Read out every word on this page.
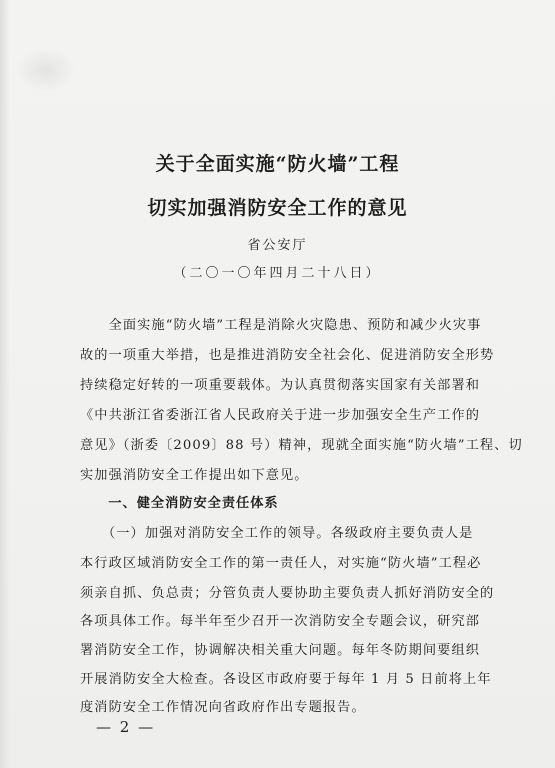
关于全面实施“防火墙”工程
切实加强消防安全工作的意见
省公安厅
（二〇一〇年四月二十八日）
　　全面实施“防火墙”工程是消除火灾隐患、预防和减少火灾事
故的一项重大举措，也是推进消防安全社会化、促进消防安全形势
持续稳定好转的一项重要载体。为认真贯彻落实国家有关部署和
《中共浙江省委浙江省人民政府关于进一步加强安全生产工作的
意见》（浙委〔2009〕88 号）精神，现就全面实施“防火墙”工程、切
实加强消防安全工作提出如下意见。
　　一、健全消防安全责任体系
　　（一）加强对消防安全工作的领导。各级政府主要负责人是
本行政区域消防安全工作的第一责任人，对实施“防火墙”工程必
须亲自抓、负总责；分管负责人要协助主要负责人抓好消防安全的
各项具体工作。每半年至少召开一次消防安全专题会议，研究部
署消防安全工作，协调解决相关重大问题。每年冬防期间要组织
开展消防安全大检查。各设区市政府要于每年 1 月 5 日前将上年
度消防安全工作情况向省政府作出专题报告。
— 2 —
